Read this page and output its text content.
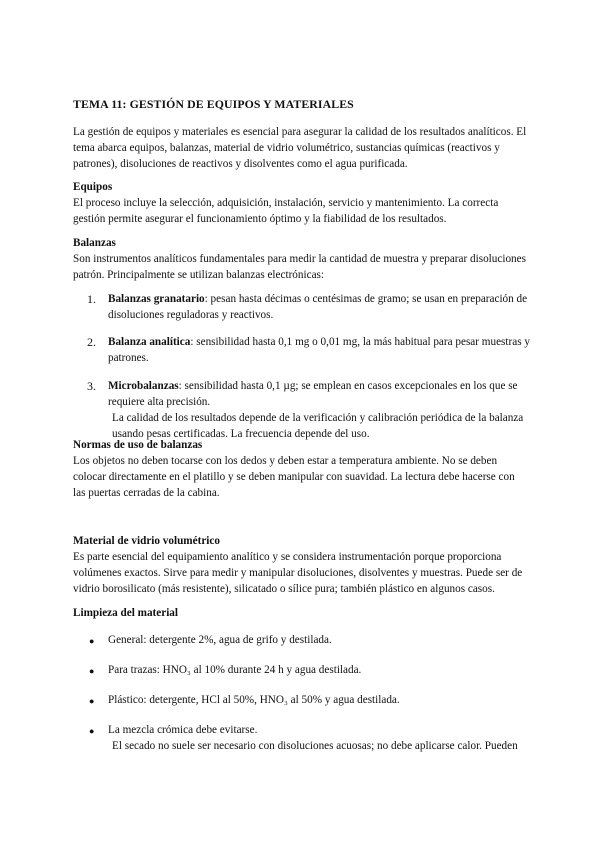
TEMA 11: GESTIÓN DE EQUIPOS Y MATERIALES

La gestión de equipos y materiales es esencial para asegurar la calidad de los resultados analíticos. El tema abarca equipos, balanzas, material de vidrio volumétrico, sustancias químicas (reactivos y patrones), disoluciones de reactivos y disolventes como el agua purificada.

Equipos

El proceso incluye la selección, adquisición, instalación, servicio y mantenimiento. La correcta gestión permite asegurar el funcionamiento óptimo y la fiabilidad de los resultados.

Balanzas

Son instrumentos analíticos fundamentales para medir la cantidad de muestra y preparar disoluciones patrón. Principalmente se utilizan balanzas electrónicas:

1.	Balanzas granatario: pesan hasta décimas o centésimas de gramo; se usan en preparación de disoluciones reguladoras y reactivos.
2.	Balanza analítica: sensibilidad hasta 0,1 mg o 0,01 mg, la más habitual para pesar muestras y patrones.
3.	Microbalanzas: sensibilidad hasta 0,1 µg; se emplean en casos excepcionales en los que se requiere alta precisión.
La calidad de los resultados depende de la verificación y calibración periódica de la balanza usando pesas certificadas. La frecuencia depende del uso.
Normas de uso de balanzas

Los objetos no deben tocarse con los dedos y deben estar a temperatura ambiente. No se deben colocar directamente en el platillo y se deben manipular con suavidad. La lectura debe hacerse con las puertas cerradas de la cabina.

Material de vidrio volumétrico

Es parte esencial del equipamiento analítico y se considera instrumentación porque proporciona volúmenes exactos. Sirve para medir y manipular disoluciones, disolventes y muestras. Puede ser de vidrio borosilicato (más resistente), silicatado o sílice pura; también plástico en algunos casos.

Limpieza del material
● General: detergente 2%, agua de grifo y destilada.
● Para trazas: HNO₃ al 10% durante 24 h y agua destilada.
● Plástico: detergente, HCl al 50%, HNO₃ al 50% y agua destilada.
● La mezcla crómica debe evitarse.
El secado no suele ser necesario con disoluciones acuosas; no debe aplicarse calor. Pueden
